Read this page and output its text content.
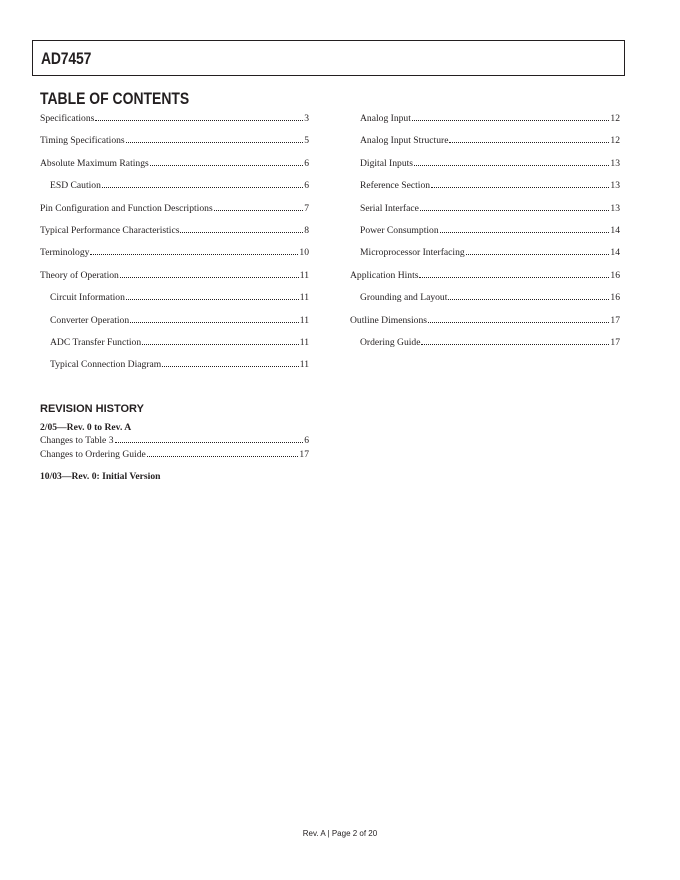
AD7457
TABLE OF CONTENTS
Specifications	3
Timing Specifications	5
Absolute Maximum Ratings	6
ESD Caution	6
Pin Configuration and Function Descriptions	7
Typical Performance Characteristics	8
Terminology	10
Theory of Operation	11
Circuit Information	11
Converter Operation	11
ADC Transfer Function	11
Typical Connection Diagram	11
Analog Input	12
Analog Input Structure	12
Digital Inputs	13
Reference Section	13
Serial Interface	13
Power Consumption	14
Microprocessor Interfacing	14
Application Hints	16
Grounding and Layout	16
Outline Dimensions	17
Ordering Guide	17
REVISION HISTORY
2/05—Rev. 0 to Rev. A
Changes to Table 3	6
Changes to Ordering Guide	17
10/03—Rev. 0: Initial Version
Rev. A | Page 2 of 20
